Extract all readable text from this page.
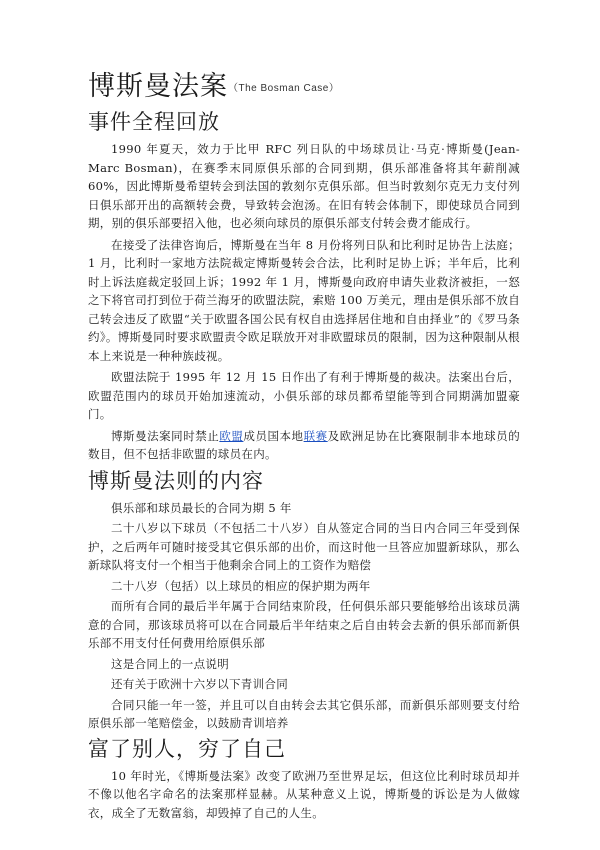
博斯曼法案$^{(The Bosman Case)}$
事件全程回放

1990 年夏天，效力于比甲 RFC 列日队的中场球员让·马克·博斯曼(Jean-Marc Bosman)，在赛季末同原俱乐部的合同到期，俱乐部准备将其年薪削减 60%，因此博斯曼希望转会到法国的敦刻尔克俱乐部。但当时敦刻尔克无力支付列日俱乐部开出的高额转会费，导致转会泡汤。在旧有转会体制下，即使球员合同到期，别的俱乐部要招入他，也必须向球员的原俱乐部支付转会费才能成行。

在接受了法律咨询后，博斯曼在当年 8 月份将列日队和比利时足协告上法庭；1 月，比利时一家地方法院裁定博斯曼转会合法，比利时足协上诉；半年后，比利时上诉法庭裁定驳回上诉；1992 年 1 月，博斯曼向政府申请失业救济被拒，一怒之下将官司打到位于荷兰海牙的欧盟法院，索赔 100 万美元，理由是俱乐部不放自己转会违反了欧盟“关于欧盟各国公民有权自由选择居住地和自由择业”的《罗马条约》。博斯曼同时要求欧盟责令欧足联放开对非欧盟球员的限制，因为这种限制从根本上来说是一种种族歧视。

欧盟法院于 1995 年 12 月 15 日作出了有利于博斯曼的裁决。法案出台后，欧盟范围内的球员开始加速流动，小俱乐部的球员都希望能等到合同期满加盟豪门。

博斯曼法案同时禁止欧盟成员国本地联赛及欧洲足协在比赛限制非本地球员的数目，但不包括非欧盟的球员在内。

博斯曼法则的内容
俱乐部和球员最长的合同为期 5 年
二十八岁以下球员（不包括二十八岁）自从签定合同的当日内合同三年受到保护，之后两年可随时接受其它俱乐部的出价，而这时他一旦答应加盟新球队，那么新球队将支付一个相当于他剩余合同上的工资作为赔偿
二十八岁（包括）以上球员的相应的保护期为两年
而所有合同的最后半年属于合同结束阶段，任何俱乐部只要能够给出该球员满意的合同，那该球员将可以在合同最后半年结束之后自由转会去新的俱乐部而新俱乐部不用支付任何费用给原俱乐部
这是合同上的一点说明
还有关于欧洲十六岁以下青训合同
合同只能一年一签，并且可以自由转会去其它俱乐部，而新俱乐部则要支付给原俱乐部一笔赔偿金，以鼓励青训培养
富了别人，穷了自己

10 年时光，《博斯曼法案》改变了欧洲乃至世界足坛，但这位比利时球员却并不像以他名字命名的法案那样显赫。从某种意义上说，博斯曼的诉讼是为人做嫁衣，成全了无数富翁，却毁掉了自己的人生。
